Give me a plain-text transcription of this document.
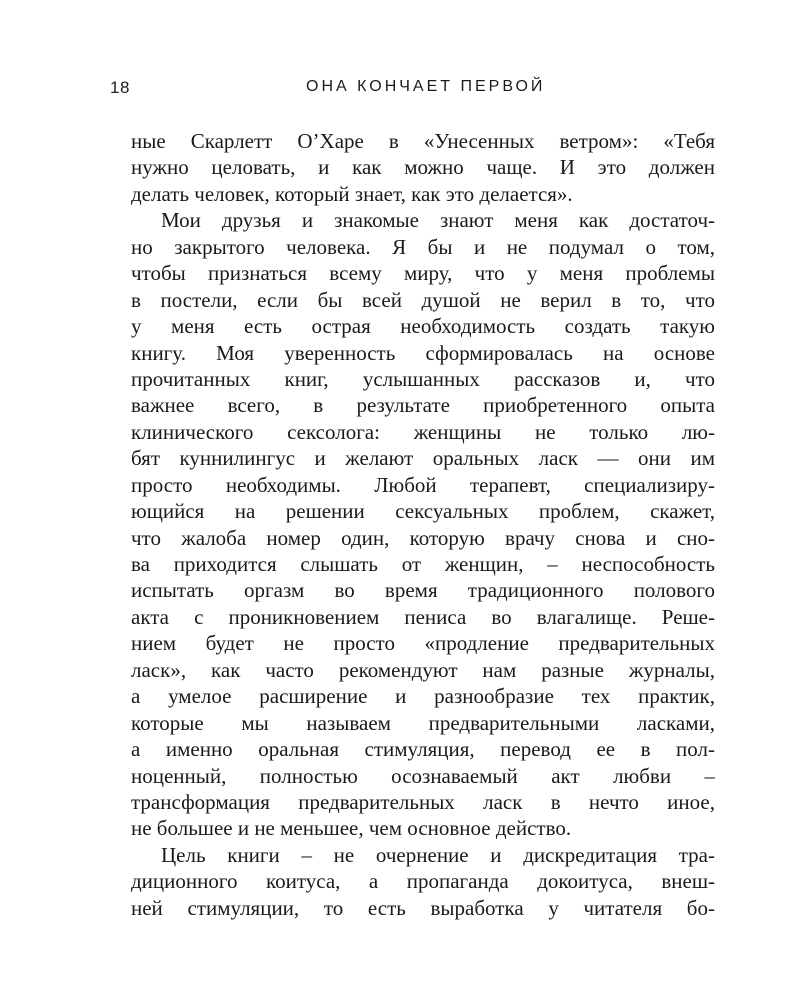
18	ОНА КОНЧАЕТ ПЕРВОЙ
ные Скарлетт О’Харе в «Унесенных ветром»: «Тебя
нужно целовать, и как можно чаще. И это должен
делать человек, который знает, как это делается».
Мои друзья и знакомые знают меня как достаточ-
но закрытого человека. Я бы и не подумал о том,
чтобы признаться всему миру, что у меня проблемы
в постели, если бы всей душой не верил в то, что
у меня есть острая необходимость создать такую
книгу. Моя уверенность сформировалась на основе
прочитанных книг, услышанных рассказов и, что
важнее всего, в результате приобретенного опыта
клинического сексолога: женщины не только лю-
бят куннилингус и желают оральных ласк — они им
просто необходимы. Любой терапевт, специализиру-
ющийся на решении сексуальных проблем, скажет,
что жалоба номер один, которую врачу снова и сно-
ва приходится слышать от женщин, – неспособность
испытать оргазм во время традиционного полового
акта с проникновением пениса во влагалище. Реше-
нием будет не просто «продление предварительных
ласк», как часто рекомендуют нам разные журналы,
а умелое расширение и разнообразие тех практик,
которые мы называем предварительными ласками,
а именно оральная стимуляция, перевод ее в пол-
ноценный, полностью осознаваемый акт любви –
трансформация предварительных ласк в нечто иное,
не большее и не меньшее, чем основное действо.
Цель книги – не очернение и дискредитация тра-
диционного коитуса, а пропаганда докоитуса, внеш-
ней стимуляции, то есть выработка у читателя бо-
